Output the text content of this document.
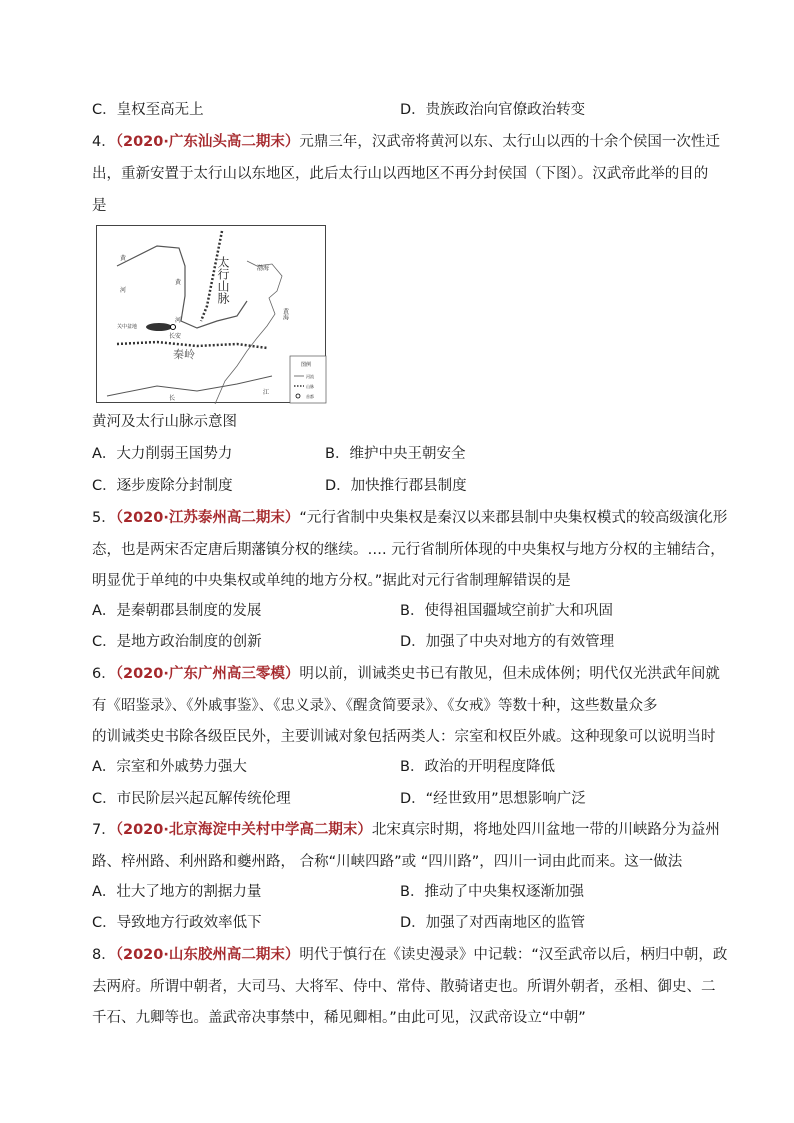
C．皇权至高无上	D．贵族政治向官僚政治转变
4．（2020·广东汕头高二期末）元鼎三年，汉武帝将黄河以东、太行山以西的十余个侯国一次性迁
出，重新安置于太行山以东地区，此后太行山以西地区不再分封侯国（下图）。汉武帝此举的目的
是
太行山脉	渤海
黄海
黄
河
黄
河
秦岭
长安
关中盆地
长
江
图例
河流
山脉
首都
黄河及太行山脉示意图
A．大力削弱王国势力	B．维护中央王朝安全
C．逐步废除分封制度	D．加快推行郡县制度
5．（2020·江苏泰州高二期末）“元行省制中央集权是秦汉以来郡县制中央集权模式的较高级演化形
态，也是两宋否定唐后期藩镇分权的继续。…. 元行省制所体现的中央集权与地方分权的主辅结合，
明显优于单纯的中央集权或单纯的地方分权。”据此对元行省制理解错误的是
A．是秦朝郡县制度的发展	B．使得祖国疆域空前扩大和巩固
C．是地方政治制度的创新	D．加强了中央对地方的有效管理
6．（2020·广东广州高三零模）明以前，训诫类史书已有散见，但未成体例；明代仅光洪武年间就
有《昭鉴录》、《外戚事鉴》、《忠义录》、《醒贪简要录》、《女戒》等数十种，这些数量众多
的训诫类史书除各级臣民外，主要训诫对象包括两类人：宗室和权臣外戚。这种现象可以说明当时
A．宗室和外戚势力强大	B．政治的开明程度降低
C．市民阶层兴起瓦解传统伦理	D．“经世致用”思想影响广泛
7．（2020·北京海淀中关村中学高二期末）北宋真宗时期，将地处四川盆地一带的川峡路分为益州
路、梓州路、利州路和夔州路， 合称“川峡四路”或 “四川路”，四川一词由此而来。这一做法
A．壮大了地方的割据力量	B．推动了中央集权逐渐加强
C．导致地方行政效率低下	D．加强了对西南地区的监管
8．（2020·山东胶州高二期末）明代于慎行在《读史漫录》中记载：“汉至武帝以后，柄归中朝，政
去两府。所谓中朝者，大司马、大将军、侍中、常侍、散骑诸吏也。所谓外朝者，丞相、御史、二
千石、九卿等也。盖武帝决事禁中，稀见卿相。”由此可见，汉武帝设立“中朝”
